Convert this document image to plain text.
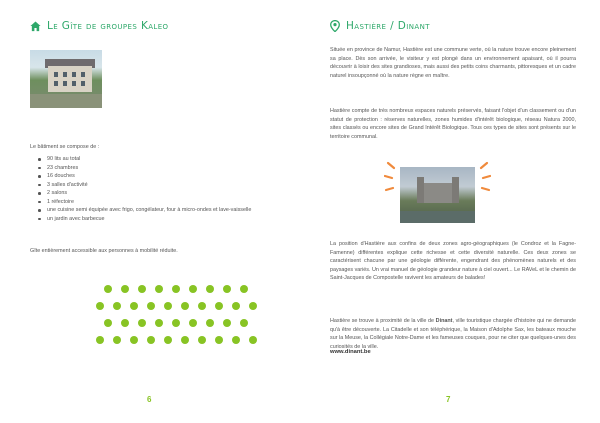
Le Gîte de groupes Kaleo
Le bâtiment se compose de :
90 lits au total
23 chambres
16 douches
3 salles d'activité
2 salons
1 réfectoire
une cuisine semi équipée avec frigo, congélateur, four à micro-ondes et lave-vaisselle
un jardin avec barbecue
Gîte entièrement accessible aux personnes à mobilité réduite.
6
Hastière / Dinant

Située en province de Namur, Hastière est une commune verte, où la nature trouve encore pleinement sa place. Dès son arrivée, le visiteur y est plongé dans un environnement apaisant, où il pourra découvrir à loisir des sites grandioses, mais aussi des petits coins charmants, pittoresques et un cadre naturel insoupçonné où la nature règne en maître.

Hastière compte de très nombreux espaces naturels préservés, faisant l'objet d'un classement ou d'un statut de protection : réserves naturelles, zones humides d'intérêt biologique, réseau Natura 2000, sites classés ou encore sites de Grand Intérêt Biologique. Tous ces types de sites sont présents sur le territoire communal.

La position d'Hastière aux confins de deux zones agro-géographiques (le Condroz et la Fagne-Famenne) différentes explique cette richesse et cette diversité naturelle. Ces deux zones se caractérisent chacune par une géologie différente, engendrant des phénomènes naturels et des paysages variés. Un vrai manuel de géologie grandeur nature à ciel ouvert... Le RAVeL et le chemin de Saint-Jacques de Compostelle ravivent les amateurs de balades!

Hastière se trouve à proximité de la ville de Dinant, ville touristique chargée d'histoire qui ne demande qu'à être découverte. La Citadelle et son téléphérique, la Maison d'Adolphe Sax, les bateaux mouche sur la Meuse, la Collégiale Notre-Dame et les fameuses couques, pour ne citer que quelques-unes des curiosités de la ville.

www.dinant.be
7
